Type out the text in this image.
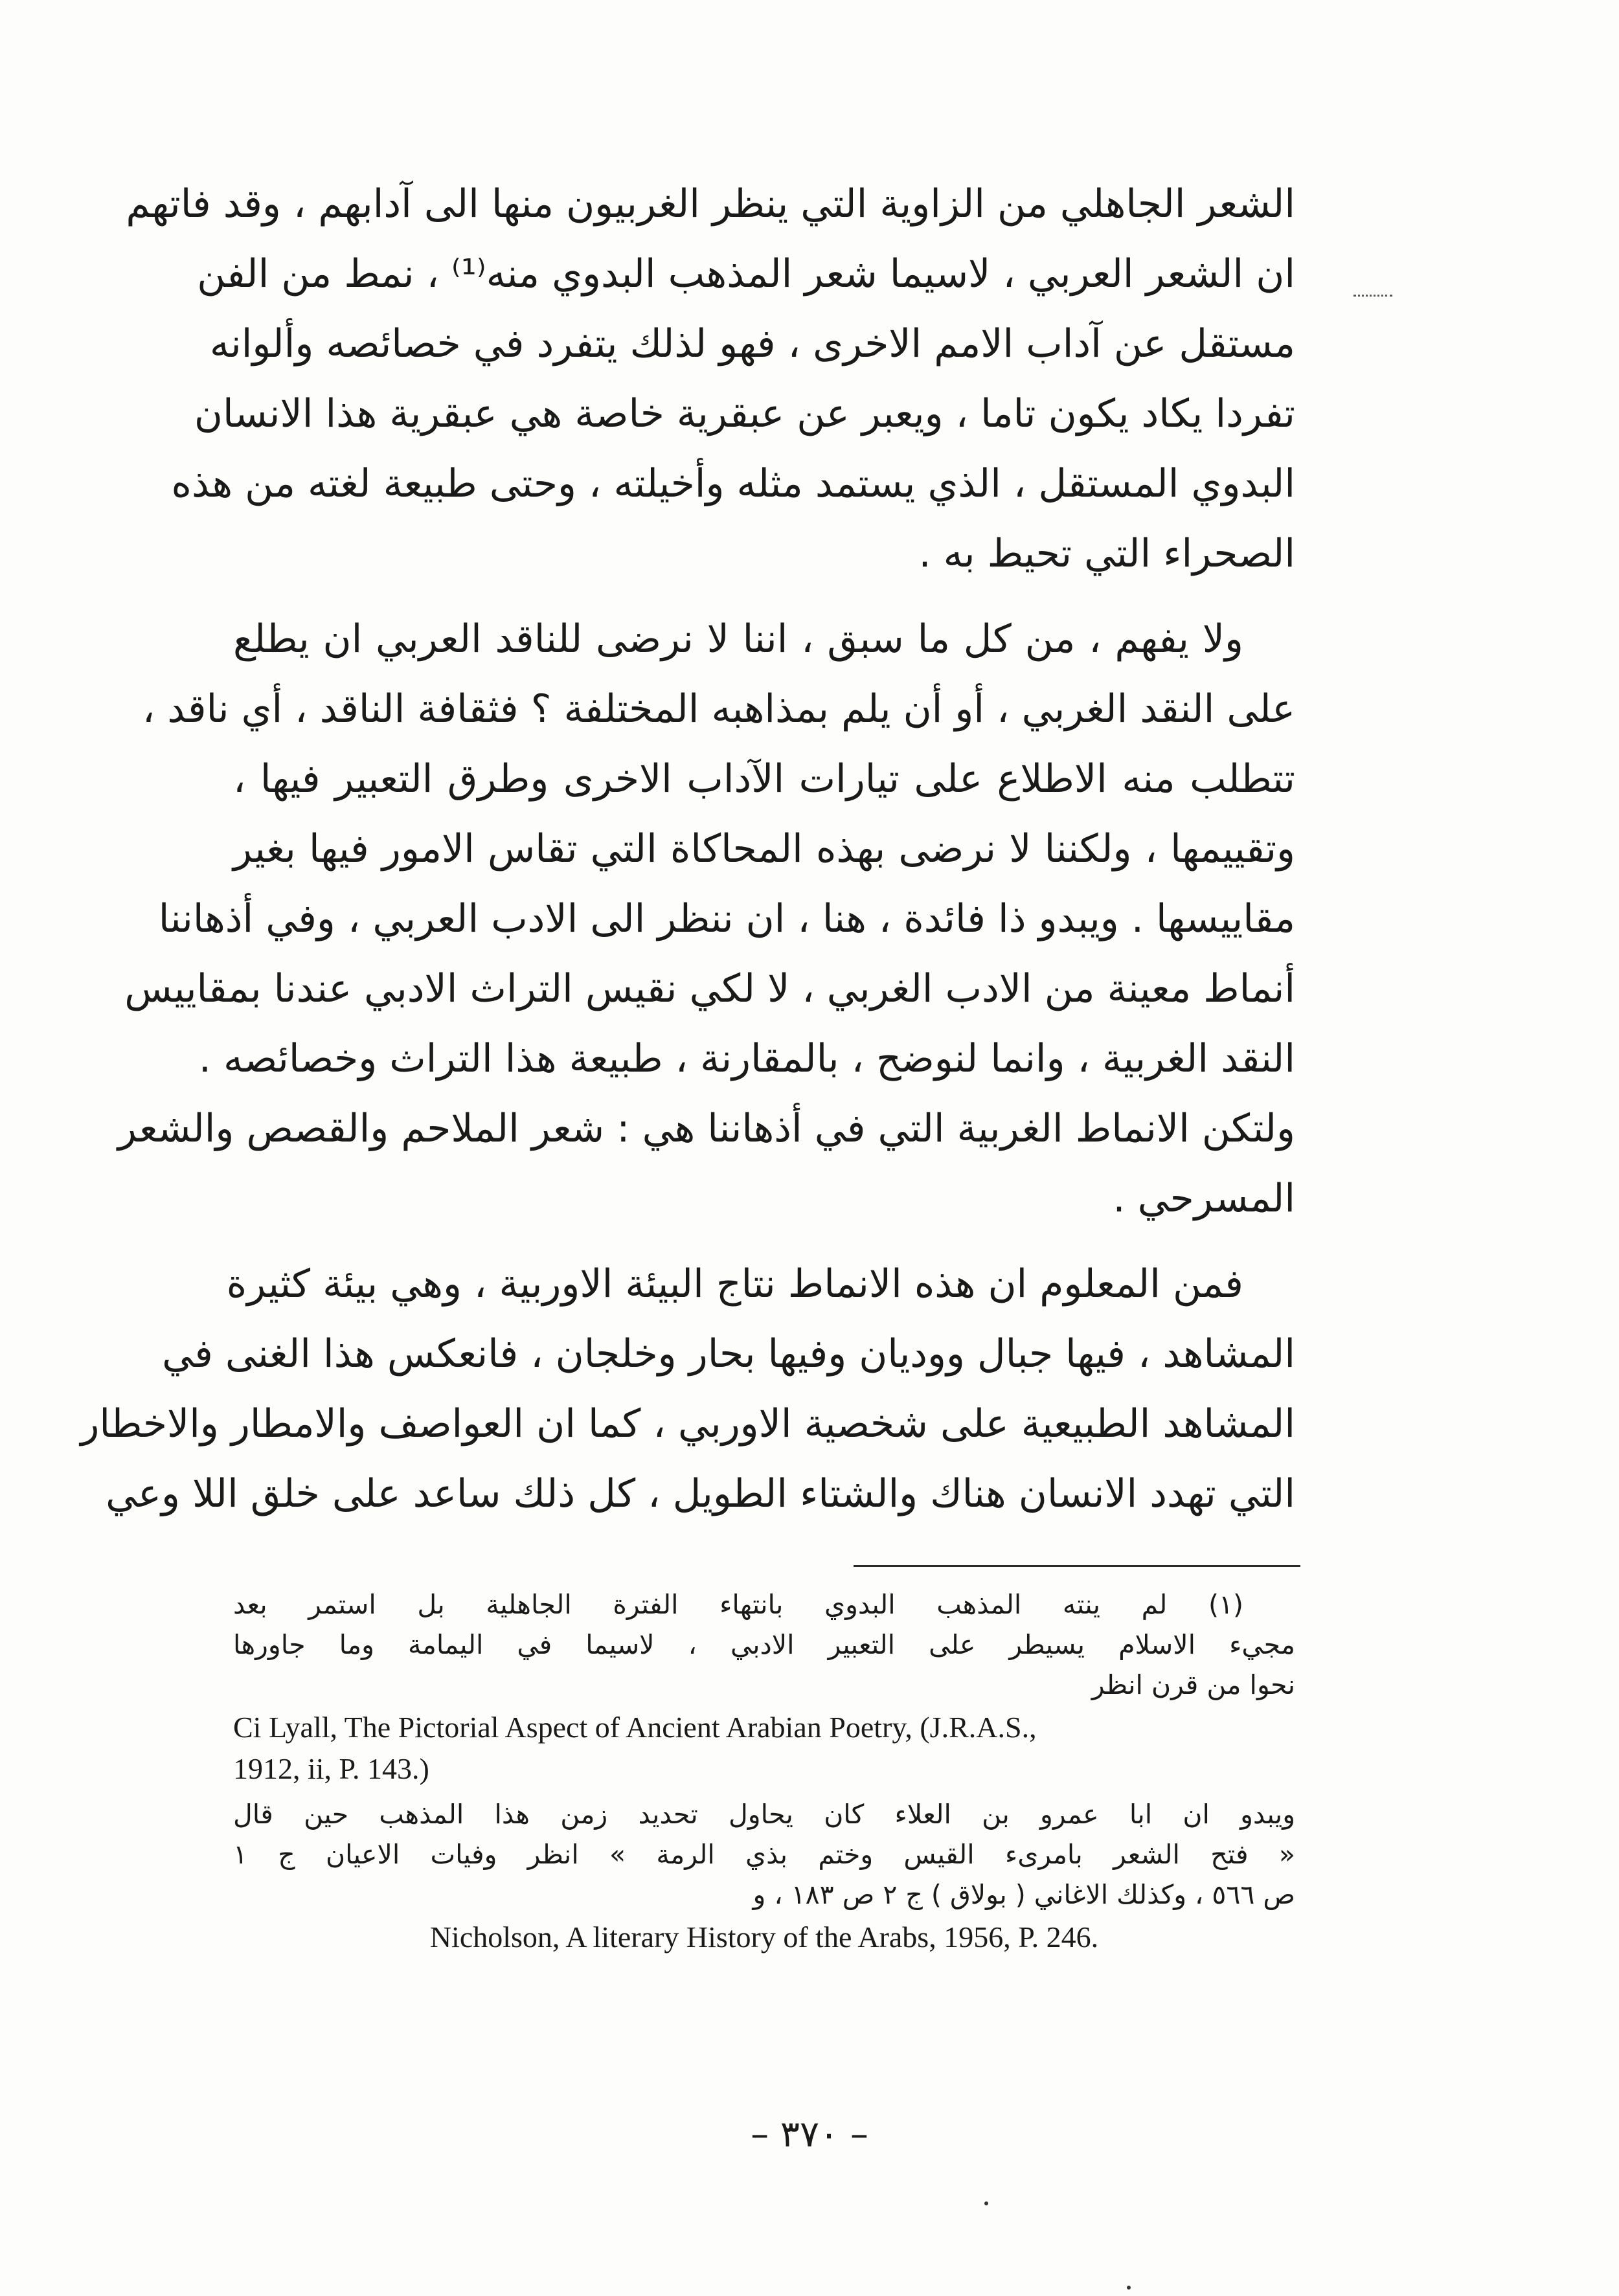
الشعر الجاهلي من الزاوية التي ينظر الغربيون منها الى آدابهم ، وقد فاتهم
ان الشعر العربي ، لاسيما شعر المذهب البدوي منه⁽¹⁾ ، نمط من الفن
مستقل عن آداب الامم الاخرى ، فهو لذلك يتفرد في خصائصه وألوانه
تفردا يكاد يكون تاما ، ويعبر عن عبقرية خاصة هي عبقرية هذا الانسان
البدوي المستقل ، الذي يستمد مثله وأخيلته ، وحتى طبيعة لغته من هذه
الصحراء التي تحيط به .
ولا يفهم ، من كل ما سبق ، اننا لا نرضى للناقد العربي ان يطلع
على النقد الغربي ، أو أن يلم بمذاهبه المختلفة ؟ فثقافة الناقد ، أي ناقد ،
تتطلب منه الاطلاع على تيارات الآداب الاخرى وطرق التعبير فيها ،
وتقييمها ، ولكننا لا نرضى بهذه المحاكاة التي تقاس الامور فيها بغير
مقاييسها . ويبدو ذا فائدة ، هنا ، ان ننظر الى الادب العربي ، وفي أذهاننا
أنماط معينة من الادب الغربي ، لا لكي نقيس التراث الادبي عندنا بمقاييس
النقد الغربية ، وانما لنوضح ، بالمقارنة ، طبيعة هذا التراث وخصائصه .
ولتكن الانماط الغربية التي في أذهاننا هي : شعر الملاحم والقصص والشعر
المسرحي .
فمن المعلوم ان هذه الانماط نتاج البيئة الاوربية ، وهي بيئة كثيرة
المشاهد ، فيها جبال ووديان وفيها بحار وخلجان ، فانعكس هذا الغنى في
المشاهد الطبيعية على شخصية الاوربي ، كما ان العواصف والامطار والاخطار
التي تهدد الانسان هناك والشتاء الطويل ، كل ذلك ساعد على خلق اللا وعي
(١) لم ينته المذهب البدوي بانتهاء الفترة الجاهلية بل استمر بعد
مجيء الاسلام يسيطر على التعبير الادبي ، لاسيما في اليمامة وما جاورها
نحوا من قرن انظر
Ci Lyall, The Pictorial Aspect of Ancient Arabian Poetry, (J.R.A.S.,
1912, ii, P. 143.)
ويبدو ان ابا عمرو بن العلاء كان يحاول تحديد زمن هذا المذهب حين قال
« فتح الشعر بامرىء القيس وختم بذي الرمة » انظر وفيات الاعيان ج ١
ص ٥٦٦ ، وكذلك الاغاني ( بولاق ) ج ٢ ص ١٨٣ ، و
Nicholson, A literary History of the Arabs, 1956, P. 246.
– ٣٧٠ –
